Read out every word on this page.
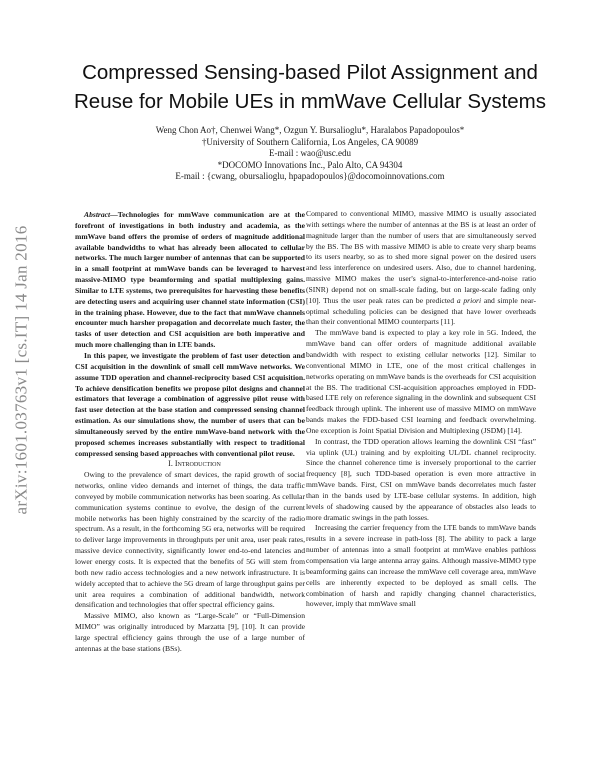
arXiv:1601.03763v1 [cs.IT] 14 Jan 2016
Compressed Sensing-based Pilot Assignment and
Reuse for Mobile UEs in mmWave Cellular Systems
Weng Chon Ao†, Chenwei Wang*, Ozgun Y. Bursalioglu*, Haralabos Papadopoulos*
†University of Southern California, Los Angeles, CA 90089
E-mail : wao@usc.edu
*DOCOMO Innovations Inc., Palo Alto, CA 94304
E-mail : {cwang, obursalioglu, hpapadopoulos}@docomoinnovations.com

Abstract—Technologies for mmWave communication are at the forefront of investigations in both industry and academia, as the mmWave band offers the promise of orders of magnitude additional available bandwidths to what has already been allocated to cellular networks. The much larger number of antennas that can be supported in a small footprint at mmWave bands can be leveraged to harvest massive-MIMO type beamforming and spatial multiplexing gains. Similar to LTE systems, two prerequisites for harvesting these benefits are detecting users and acquiring user channel state information (CSI) in the training phase. However, due to the fact that mmWave channels encounter much harsher propagation and decorrelate much faster, the tasks of user detection and CSI acquisition are both imperative and much more challenging than in LTE bands.

In this paper, we investigate the problem of fast user detection and CSI acquisition in the downlink of small cell mmWave networks. We assume TDD operation and channel-reciprocity based CSI acquisition. To achieve densification benefits we propose pilot designs and channel estimators that leverage a combination of aggressive pilot reuse with fast user detection at the base station and compressed sensing channel estimation. As our simulations show, the number of users that can be simultaneously served by the entire mmWave-band network with the proposed schemes increases substantially with respect to traditional compressed sensing based approaches with conventional pilot reuse.

I. Introduction

Owing to the prevalence of smart devices, the rapid growth of social networks, online video demands and internet of things, the data traffic conveyed by mobile communication networks has been soaring. As cellular communication systems continue to evolve, the design of the current mobile networks has been highly constrained by the scarcity of the radio spectrum. As a result, in the forthcoming 5G era, networks will be required to deliver large improvements in throughputs per unit area, user peak rates, massive device connectivity, significantly lower end-to-end latencies and lower energy costs. It is expected that the benefits of 5G will stem from both new radio access technologies and a new network infrastructure. It is widely accepted that to achieve the 5G dream of large throughput gains per unit area requires a combination of additional bandwidth, network densification and technologies that offer spectral efficiency gains.

Massive MIMO, also known as “Large-Scale” or “Full-Dimension MIMO” was originally introduced by Marzatta [9], [10]. It can provide large spectral efficiency gains through the use of a large number of antennas at the base stations (BSs).

Compared to conventional MIMO, massive MIMO is usually associated with settings where the number of antennas at the BS is at least an order of magnitude larger than the number of users that are simultaneously served by the BS. The BS with massive MIMO is able to create very sharp beams to its users nearby, so as to shed more signal power on the desired users and less interference on undesired users. Also, due to channel hardening, massive MIMO makes the user's signal-to-interference-and-noise ratio (SINR) depend not on small-scale fading, but on large-scale fading only [10]. Thus the user peak rates can be predicted a priori and simple near-optimal scheduling policies can be designed that have lower overheads than their conventional MIMO counterparts [11].

The mmWave band is expected to play a key role in 5G. Indeed, the mmWave band can offer orders of magnitude additional available bandwidth with respect to existing cellular networks [12]. Similar to conventional MIMO in LTE, one of the most critical challenges in networks operating on mmWave bands is the overheads for CSI acquisition at the BS. The traditional CSI-acquisition approaches employed in FDD-based LTE rely on reference signaling in the downlink and subsequent CSI feedback through uplink. The inherent use of massive MIMO on mmWave bands makes the FDD-based CSI learning and feedback overwhelming. One exception is Joint Spatial Division and Multiplexing (JSDM) [14].

In contrast, the TDD operation allows learning the downlink CSI “fast” via uplink (UL) training and by exploiting UL/DL channel reciprocity. Since the channel coherence time is inversely proportional to the carrier frequency [8], such TDD-based operation is even more attractive in mmWave bands. First, CSI on mmWave bands decorrelates much faster than in the bands used by LTE-base cellular systems. In addition, high levels of shadowing caused by the appearance of obstacles also leads to more dramatic swings in the path losses.

Increasing the carrier frequency from the LTE bands to mmWave bands results in a severe increase in path-loss [8]. The ability to pack a large number of antennas into a small footprint at mmWave enables pathloss compensation via large antenna array gains. Although massive-MIMO type beamforming gains can increase the mmWave cell coverage area, mmWave cells are inherently expected to be deployed as small cells. The combination of harsh and rapidly changing channel characteristics, however, imply that mmWave small
